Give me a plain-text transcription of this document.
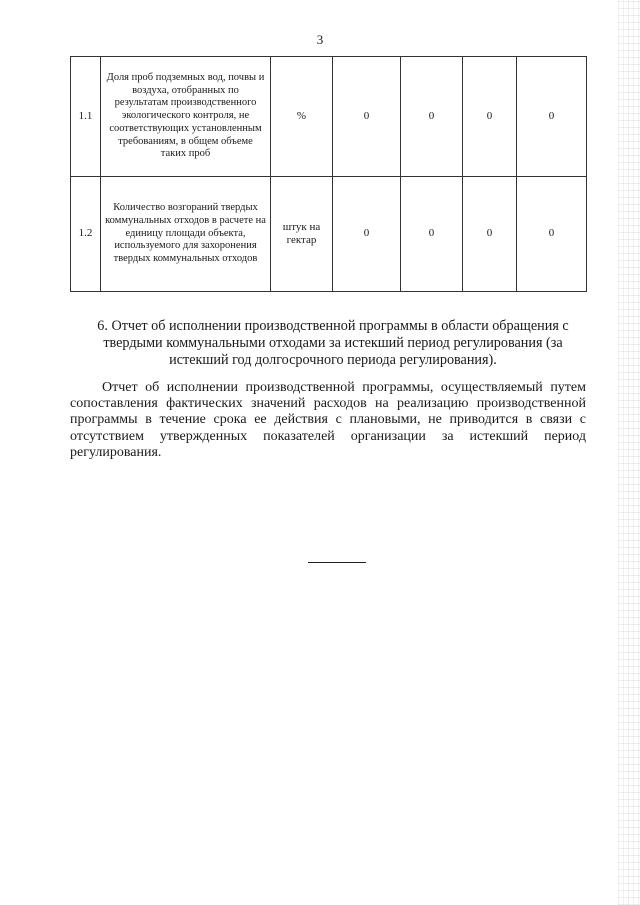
3
1.1	Доля проб подземных вод, почвы и воздуха, отобранных по результатам производственного экологического контроля, не соответствующих установленным требованиям, в общем объеме таких проб	%	0	0	0	0
1.2	Количество возгораний твердых коммунальных отходов в расчете на единицу площади объекта, используемого для захоронения твердых коммунальных отходов	штук на гектар	0	0	0	0
6. Отчет об исполнении производственной программы в области обращения с твердыми коммунальными отходами за истекший период регулирования (за истекший год долгосрочного периода регулирования).
Отчет об исполнении производственной программы, осуществляемый путем сопоставления фактических значений расходов на реализацию производственной программы в течение срока ее действия с плановыми, не приводится в связи с отсутствием утвержденных показателей организации за истекший период регулирования.
